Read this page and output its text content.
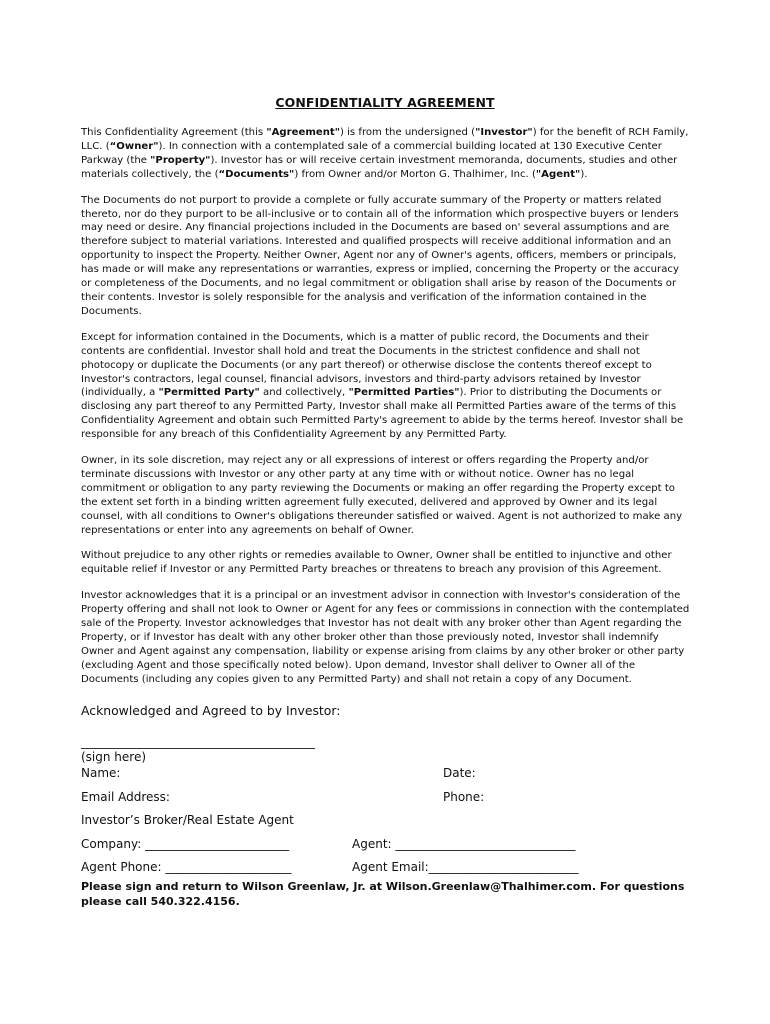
CONFIDENTIALITY AGREEMENT

This Confidentiality Agreement (this "Agreement") is from the undersigned ("Investor") for the benefit of RCH Family, LLC. (“Owner"). In connection with a contemplated sale of a commercial building located at 130 Executive Center Parkway (the "Property"). Investor has or will receive certain investment memoranda, documents, studies and other materials collectively, the (“Documents") from Owner and/or Morton G. Thalhimer, Inc. ("Agent").

The Documents do not purport to provide a complete or fully accurate summary of the Property or matters related thereto, nor do they purport to be all-inclusive or to contain all of the information which prospective buyers or lenders may need or desire. Any financial projections included in the Documents are based on' several assumptions and are therefore subject to material variations. Interested and qualified prospects will receive additional information and an opportunity to inspect the Property. Neither Owner, Agent nor any of Owner's agents, officers, members or principals, has made or will make any representations or warranties, express or implied, concerning the Property or the accuracy or completeness of the Documents, and no legal commitment or obligation shall arise by reason of the Documents or their contents. Investor is solely responsible for the analysis and verification of the information contained in the Documents.

Except for information contained in the Documents, which is a matter of public record, the Documents and their contents are confidential. Investor shall hold and treat the Documents in the strictest confidence and shall not photocopy or duplicate the Documents (or any part thereof) or otherwise disclose the contents thereof except to Investor's contractors, legal counsel, financial advisors, investors and third-party advisors retained by Investor (individually, a "Permitted Party" and collectively, "Permitted Parties"). Prior to distributing the Documents or disclosing any part thereof to any Permitted Party, Investor shall make all Permitted Parties aware of the terms of this Confidentiality Agreement and obtain such Permitted Party's agreement to abide by the terms hereof. Investor shall be responsible for any breach of this Confidentiality Agreement by any Permitted Party.

Owner, in its sole discretion, may reject any or all expressions of interest or offers regarding the Property and/or terminate discussions with Investor or any other party at any time with or without notice. Owner has no legal commitment or obligation to any party reviewing the Documents or making an offer regarding the Property except to the extent set forth in a binding written agreement fully executed, delivered and approved by Owner and its legal counsel, with all conditions to Owner's obligations thereunder satisfied or waived. Agent is not authorized to make any representations or enter into any agreements on behalf of Owner.

Without prejudice to any other rights or remedies available to Owner, Owner shall be entitled to injunctive and other equitable relief if Investor or any Permitted Party breaches or threatens to breach any provision of this Agreement.

Investor acknowledges that it is a principal or an investment advisor in connection with Investor's consideration of the Property offering and shall not look to Owner or Agent for any fees or commissions in connection with the contemplated sale of the Property. Investor acknowledges that Investor has not dealt with any broker other than Agent regarding the Property, or if Investor has dealt with any other broker other than those previously noted, Investor shall indemnify Owner and Agent against any compensation, liability or expense arising from claims by any other broker or other party (excluding Agent and those specifically noted below). Upon demand, Investor shall deliver to Owner all of the Documents (including any copies given to any Permitted Party) and shall not retain a copy of any Document.

Acknowledged and Agreed to by Investor:
_______________________________________
(sign here)
Name:	Date:
Email Address:	Phone:
Investor’s Broker/Real Estate Agent
Company: ________________________	Agent: ______________________________
Agent Phone: _____________________	Agent Email:_________________________
Please sign and return to Wilson Greenlaw, Jr. at Wilson.Greenlaw@Thalhimer.com. For questions please call 540.322.4156.
